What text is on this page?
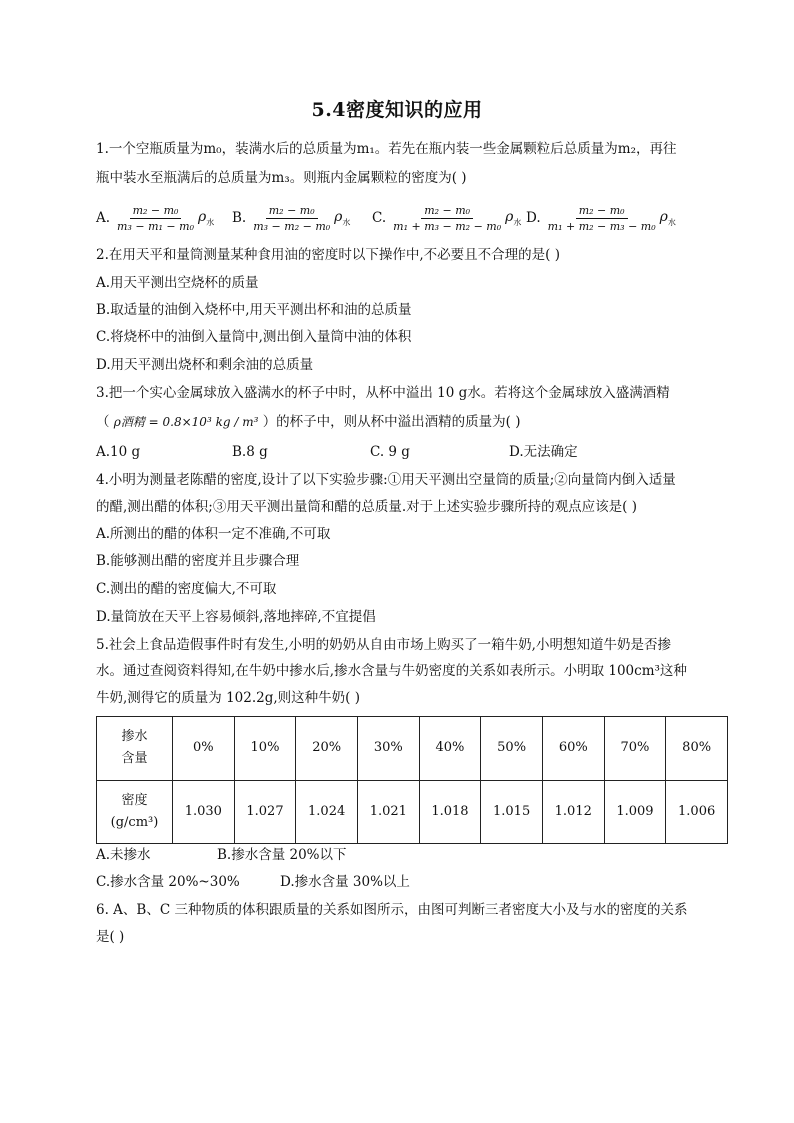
5.4密度知识的应用
1.一个空瓶质量为m₀，装满水后的总质量为m₁。若先在瓶内装一些金属颗粒后总质量为m₂，再往
瓶中装水至瓶满后的总质量为m₃。则瓶内金属颗粒的密度为( )
A. $\frac{\text{m₂ − m₀}}{\text{m₃ − m₁ − m₀}} \rho_水$ B. $\frac{\text{m₂ − m₀}}{\text{m₃ − m₂ − m₀}} \rho_水$ C. $\frac{\text{m₂ − m₀}}{\text{m₁ + m₃ − m₂ − m₀}} \rho_水$ D. $\frac{\text{m₂ − m₀}}{\text{m₁ + m₂ − m₃ − m₀}} \rho_水$
2.在用天平和量筒测量某种食用油的密度时以下操作中,不必要且不合理的是( )
A.用天平测出空烧杯的质量
B.取适量的油倒入烧杯中,用天平测出杯和油的总质量
C.将烧杯中的油倒入量筒中,测出倒入量筒中油的体积
D.用天平测出烧杯和剩余油的总质量
3.把一个实心金属球放入盛满水的杯子中时，从杯中溢出 10 g水。若将这个金属球放入盛满酒精
（ ρ酒精 = 0.8×10³ kg / m³ ）的杯子中，则从杯中溢出酒精的质量为( )
A.10 g	B.8 g	C. 9 g	D.无法确定
4.小明为测量老陈醋的密度,设计了以下实验步骤:①用天平测出空量筒的质量;②向量筒内倒入适量
的醋,测出醋的体积;③用天平测出量筒和醋的总质量.对于上述实验步骤所持的观点应该是( )
A.所测出的醋的体积一定不准确,不可取
B.能够测出醋的密度并且步骤合理
C.测出的醋的密度偏大,不可取
D.量筒放在天平上容易倾斜,落地摔碎,不宜提倡
5.社会上食品造假事件时有发生,小明的奶奶从自由市场上购买了一箱牛奶,小明想知道牛奶是否掺
水。通过查阅资料得知,在牛奶中掺水后,掺水含量与牛奶密度的关系如表所示。小明取 100cm³这种
牛奶,测得它的质量为 102.2g,则这种牛奶( )
掺水
含量	0%	10%	20%	30%	40%	50%	60%	70%	80%
密度
(g/cm³)	1.030	1.027	1.024	1.021	1.018	1.015	1.012	1.009	1.006
A.未掺水	B.掺水含量 20%以下
C.掺水含量 20%~30%	D.掺水含量 30%以上
6. A、B、C 三种物质的体积跟质量的关系如图所示，由图可判断三者密度大小及与水的密度的关系
是( )
